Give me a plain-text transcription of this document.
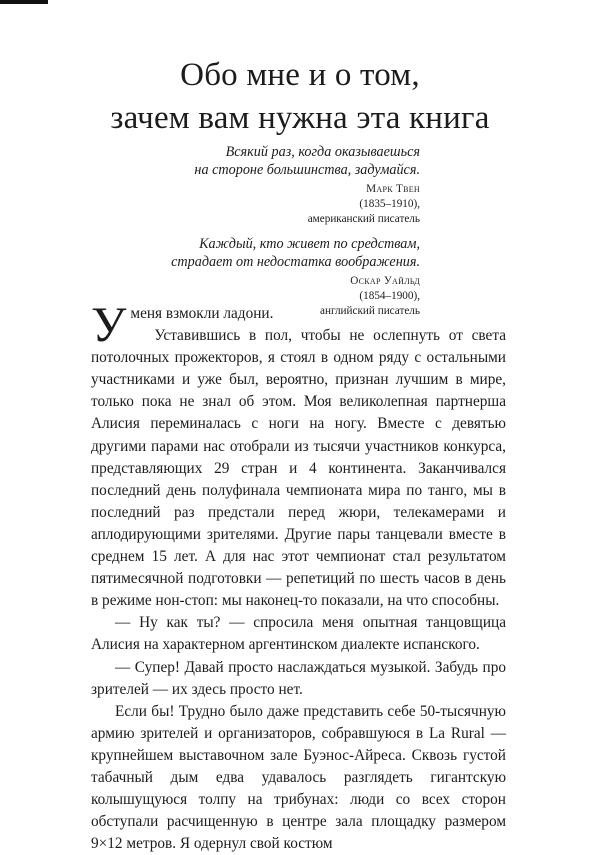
Обо мне и о том,
зачем вам нужна эта книга
Всякий раз, когда оказываешься
на стороне большинства, задумайся.
Марк Твен
(1835–1910),
американский писатель
Каждый, кто живет по средствам,
страдает от недостатка воображения.
Оскар Уайльд
(1854–1900),
английский писатель

Уменя взмокли ладони.

Уставившись в пол, чтобы не ослепнуть от света потолочных прожекторов, я стоял в одном ряду с остальными участниками и уже был, вероятно, признан лучшим в мире, только пока не знал об этом. Моя великолепная партнерша Алисия переминалась с ноги на ногу. Вместе с девятью другими парами нас отобрали из тысячи участников конкурса, представляющих 29 стран и 4 континента. Заканчивался последний день полуфинала чемпионата мира по танго, мы в последний раз предстали перед жюри, телекамерами и аплодирующими зрителями. Другие пары танцевали вместе в среднем 15 лет. А для нас этот чемпионат стал результатом пятимесячной подготовки — репетиций по шесть часов в день в режиме нон-стоп: мы наконец-то показали, на что способны.

— Ну как ты? — спросила меня опытная танцовщица Алисия на характерном аргентинском диалекте испанского.

— Супер! Давай просто наслаждаться музыкой. Забудь про зрителей — их здесь просто нет.

Если бы! Трудно было даже представить себе 50-тысячную армию зрителей и организаторов, собравшуюся в La Rural — крупнейшем выставочном зале Буэнос-Айреса. Сквозь густой табачный дым едва удавалось разглядеть гигантскую колышущуюся толпу на трибунах: люди со всех сторон обступали расчищенную в центре зала площадку размером 9×12 метров. Я одернул свой костюм
